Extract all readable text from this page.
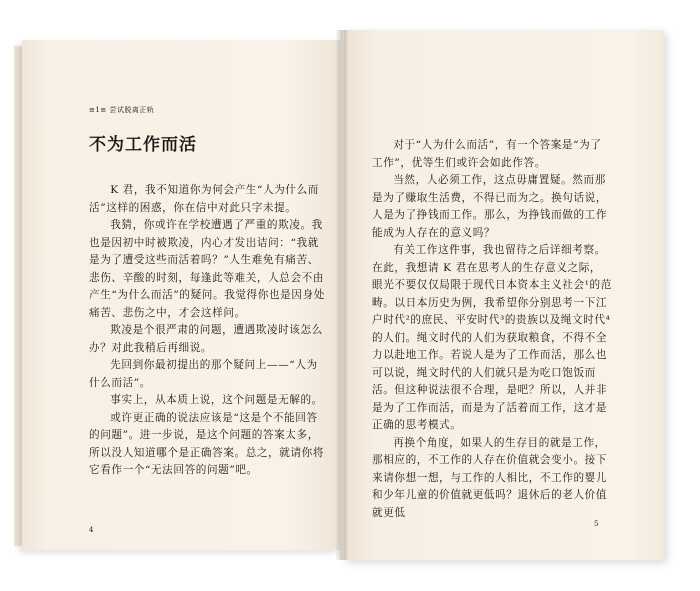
≡1≡ 尝试脱离正轨
不为工作而活

K 君，我不知道你为何会产生“人为什么而活”这样的困惑，你在信中对此只字未提。

我猜，你或许在学校遭遇了严重的欺凌。我也是因初中时被欺凌，内心才发出诘问：“我就是为了遭受这些而活着吗？”人生难免有痛苦、悲伤、辛酸的时刻，每逢此等难关，人总会不由产生“为什么而活”的疑问。我觉得你也是因身处痛苦、悲伤之中，才会这样问。

欺凌是个很严肃的问题，遭遇欺凌时该怎么办？对此我稍后再细说。

先回到你最初提出的那个疑问上——“人为什么而活”。

事实上，从本质上说，这个问题是无解的。

或许更正确的说法应该是“这是个不能回答的问题”。进一步说，是这个问题的答案太多，所以没人知道哪个是正确答案。总之，就请你将它看作一个“无法回答的问题”吧。

4

对于“人为什么而活”，有一个答案是“为了工作”，优等生们或许会如此作答。

当然，人必须工作，这点毋庸置疑。然而那是为了赚取生活费，不得已而为之。换句话说，人是为了挣钱而工作。那么，为挣钱而做的工作能成为人存在的意义吗？

有关工作这件事，我也留待之后详细考察。在此，我想请 K 君在思考人的生存意义之际，眼光不要仅仅局限于现代日本资本主义社会¹的范畴。以日本历史为例，我希望你分别思考一下江户时代²的庶民、平安时代³的贵族以及绳文时代⁴的人们。绳文时代的人们为获取粮食，不得不全力以赴地工作。若说人是为了工作而活，那么也可以说，绳文时代的人们就只是为吃口饱饭而活。但这种说法很不合理，是吧？所以，人并非是为了工作而活，而是为了活着而工作，这才是正确的思考模式。

再换个角度，如果人的生存目的就是工作，那相应的，不工作的人存在价值就会变小。接下来请你想一想，与工作的人相比，不工作的婴儿和少年儿童的价值就更低吗？退休后的老人价值就更低

5
